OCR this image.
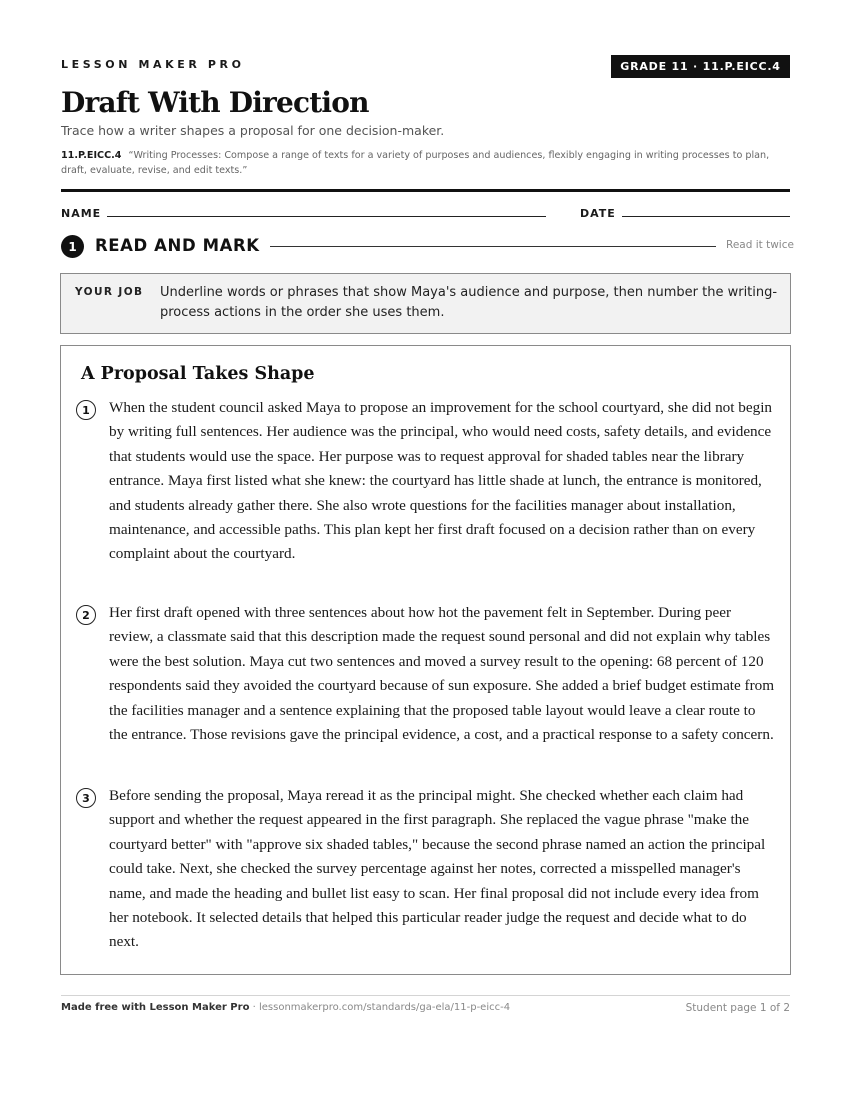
LESSON MAKER PRO	GRADE 11 · 11.P.EICC.4
Draft With Direction
Trace how a writer shapes a proposal for one decision-maker.
11.P.EICC.4 “Writing Processes: Compose a range of texts for a variety of purposes and audiences, flexibly engaging in writing processes to plan, draft, evaluate, revise, and edit texts.”
NAME	DATE
1	READ AND MARK	Read it twice
YOUR JOB Underline words or phrases that show Maya's audience and purpose, then number the writing-process actions in the order she uses them.
A Proposal Takes Shape
1	When the student council asked Maya to propose an improvement for the school courtyard, she did not begin by writing full sentences. Her audience was the principal, who would need costs, safety details, and evidence that students would use the space. Her purpose was to request approval for shaded tables near the library entrance. Maya first listed what she knew: the courtyard has little shade at lunch, the entrance is monitored, and students already gather there. She also wrote questions for the facilities manager about installation, maintenance, and accessible paths. This plan kept her first draft focused on a decision rather than on every complaint about the courtyard.

2	Her first draft opened with three sentences about how hot the pavement felt in September. During peer review, a classmate said that this description made the request sound personal and did not explain why tables were the best solution. Maya cut two sentences and moved a survey result to the opening: 68 percent of 120 respondents said they avoided the courtyard because of sun exposure. She added a brief budget estimate from the facilities manager and a sentence explaining that the proposed table layout would leave a clear route to the entrance. Those revisions gave the principal evidence, a cost, and a practical response to a safety concern.

3	Before sending the proposal, Maya reread it as the principal might. She checked whether each claim had support and whether the request appeared in the first paragraph. She replaced the vague phrase "make the courtyard better" with "approve six shaded tables," because the second phrase named an action the principal could take. Next, she checked the survey percentage against her notes, corrected a misspelled manager's name, and made the heading and bullet list easy to scan. Her final proposal did not include every idea from her notebook. It selected details that helped this particular reader judge the request and decide what to do next.

Made free with Lesson Maker Pro · lessonmakerpro.com/standards/ga-ela/11-p-eicc-4	Student page 1 of 2
